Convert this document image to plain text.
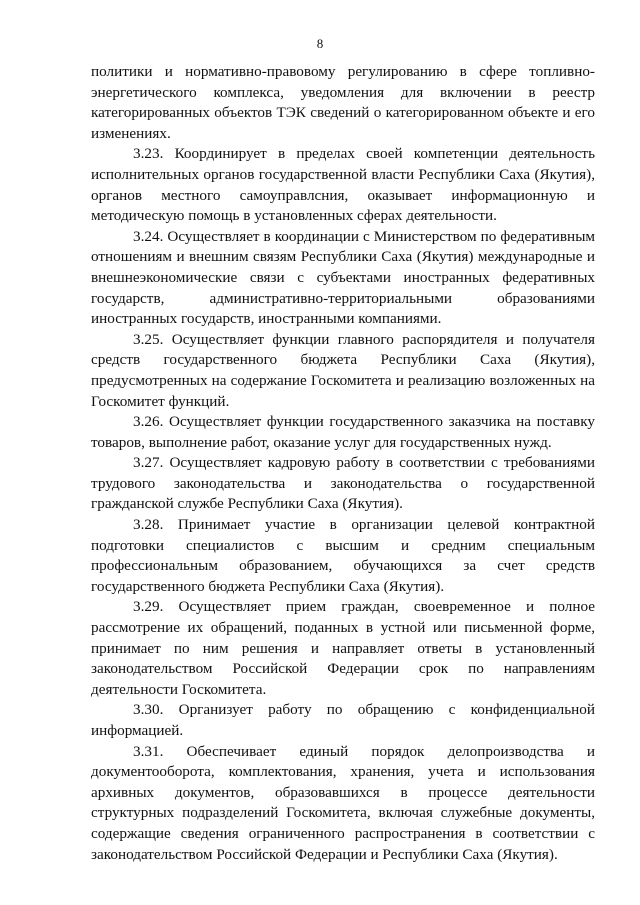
8

политики и нормативно-правовому регулированию в сфере топливно-энергетического комплекса, уведомления для включении в реестр категорированных объектов ТЭК сведений о категорированном объекте и его изменениях.

3.23. Координирует в пределах своей компетенции деятельность исполнительных органов государственной власти Республики Саха (Якутия), органов местного самоуправлсния, оказывает информационную и методическую помощь в установленных сферах деятельности.

3.24. Осуществляет в координации с Министерством по федеративным отношениям и внешним связям Республики Саха (Якутия) международные и внешнеэкономические связи с субъектами иностранных федеративных государств, административно-территориальными образованиями иностранных государств, иностранными компаниями.

3.25. Осуществляет функции главного распорядителя и получателя средств государственного бюджета Республики Саха (Якутия), предусмотренных на содержание Госкомитета и реализацию возложенных на Госкомитет функций.

3.26. Осуществляет функции государственного заказчика на поставку товаров, выполнение работ, оказание услуг для государственных нужд.

3.27. Осуществляет кадровую работу в соответствии с требованиями трудового законодательства и законодательства о государственной гражданской службе Республики Саха (Якутия).

3.28. Принимает участие в организации целевой контрактной подготовки специалистов с высшим и средним специальным профессиональным образованием, обучающихся за счет средств государственного бюджета Республики Саха (Якутия).

3.29. Осуществляет прием граждан, своевременное и полное рассмотрение их обращений, поданных в устной или письменной форме, принимает по ним решения и направляет ответы в установленный законодательством Российской Федерации срок по направлениям деятельности Госкомитета.

3.30. Организует работу по обращению с конфиденциальной информацией.

3.31. Обеспечивает единый порядок делопроизводства и документооборота, комплектования, хранения, учета и использования архивных документов, образовавшихся в процессе деятельности структурных подразделений Госкомитета, включая служебные документы, содержащие сведения ограниченного распространения в соответствии с законодательством Российской Федерации и Республики Саха (Якутия).
